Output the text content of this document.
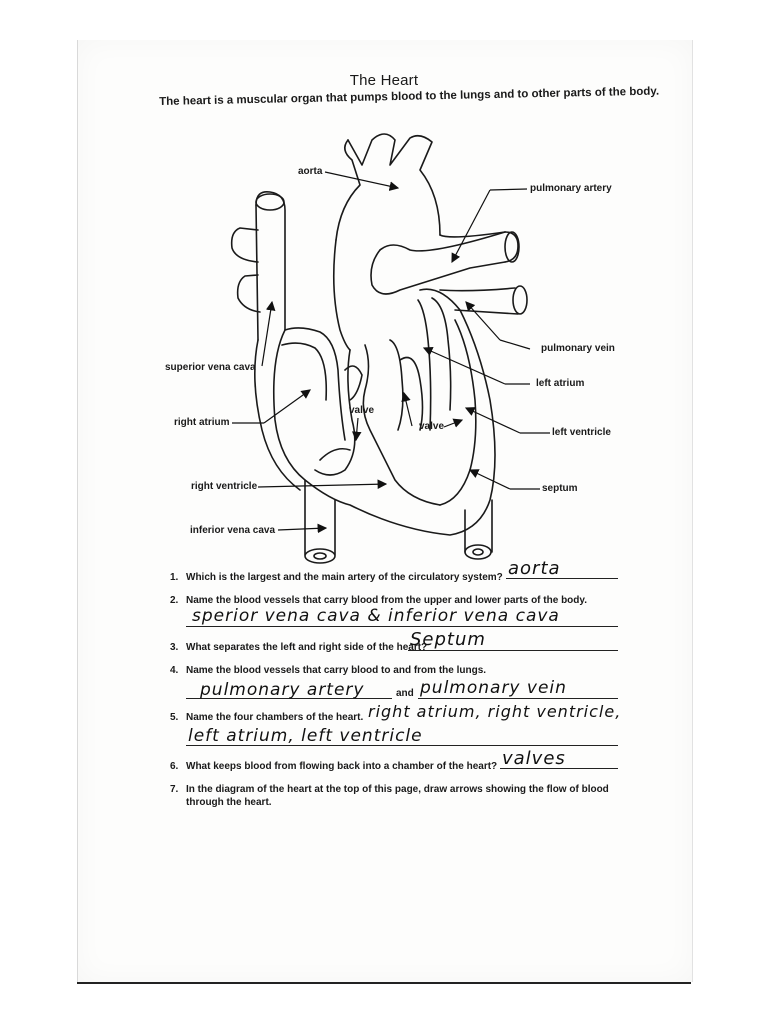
The Heart
The heart is a muscular organ that pumps blood to the lungs and to other parts of the body.
aorta
pulmonary artery
superior vena cava
pulmonary vein
left atrium
valve
right atrium	valve
left ventricle
right ventricle	septum
inferior vena cava
1. Which is the largest and the main artery of the circulatory system? aorta
2. Name the blood vessels that carry blood from the upper and lower parts of the body.
sperior vena cava & inferior vena cava
3. What separates the left and right side of the heart?
Septum
4. Name the blood vessels that carry blood to and from the lungs.
pulmonary artery	and pulmonary vein
5. Name the four chambers of the heart. right atrium, right ventricle,
left atrium, left ventricle
6. What keeps blood from flowing back into a chamber of the heart? valves
7. In the diagram of the heart at the top of this page, draw arrows showing the flow of blood
through the heart.
